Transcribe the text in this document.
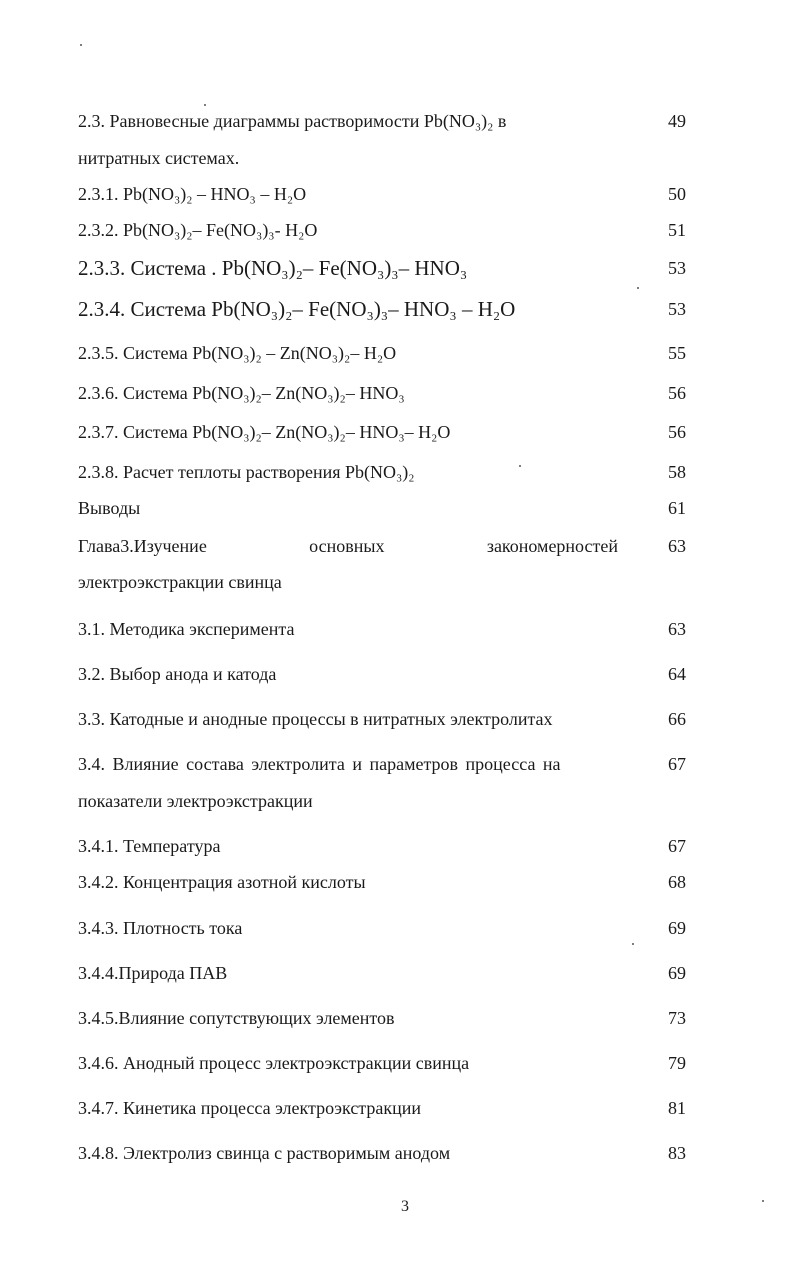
2.3. Равновесные диаграммы растворимости Pb(NO₃)₂ в	49
нитратных системах.
2.3.1. Pb(NO₃)₂ – HNO₃ – H₂O	50
2.3.2. Pb(NO₃)₂– Fe(NO₃)₃- H₂O	51
2.3.3. Система . Pb(NO₃)₂– Fe(NO₃)₃– HNO₃	53
2.3.4. Система Pb(NO₃)₂– Fe(NO₃)₃– HNO₃ – H₂O	53
2.3.5. Система Pb(NO₃)₂ – Zn(NO₃)₂– H₂O	55
2.3.6. Система Pb(NO₃)₂– Zn(NO₃)₂– HNO₃	56
2.3.7. Система Pb(NO₃)₂– Zn(NO₃)₂– HNO₃– H₂O	56
2.3.8. Расчет теплоты растворения Pb(NO₃)₂	58
Выводы	61
Глава3.Изучение	основных	закономерностей	63
электроэкстракции свинца
3.1. Методика эксперимента	63
3.2. Выбор анода и катода	64
3.3. Катодные и анодные процессы в нитратных электролитах	66
3.4. Влияние состава электролита и параметров процесса на	67
показатели электроэкстракции
3.4.1. Температура	67
3.4.2. Концентрация азотной кислоты	68
3.4.3. Плотность тока	69
3.4.4.Природа ПАВ	69
3.4.5.Влияние сопутствующих элементов	73
3.4.6. Анодный процесс электроэкстракции свинца	79
3.4.7. Кинетика процесса электроэкстракции	81
3.4.8. Электролиз свинца с растворимым анодом	83
3
